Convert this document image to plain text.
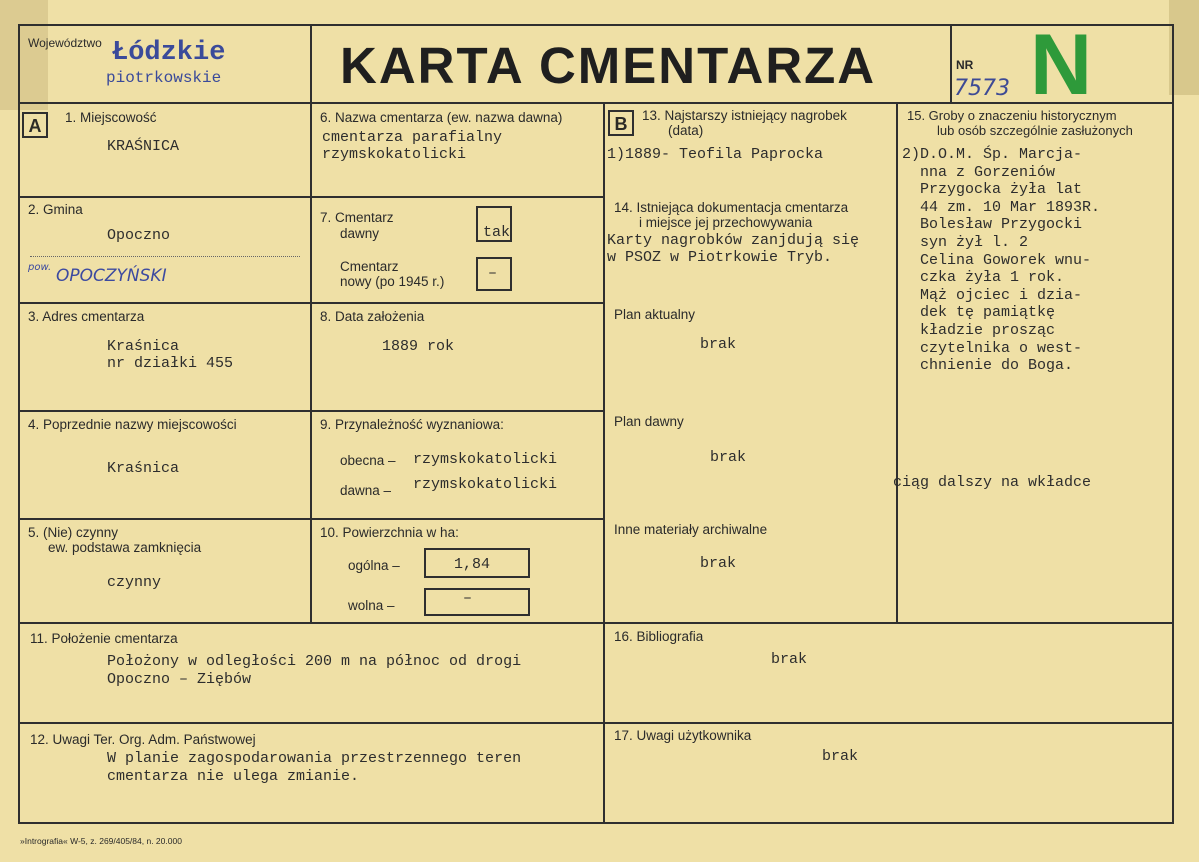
Województwo Łódzkie
piotrkowskie KARTA CMENTARZA	NR
7573 N
A	B
1. Miejscowość
KRAŚNICA
2. Gmina
Opoczno
pow. OPOCZYŃSKI
3. Adres cmentarza
Kraśnica
nr działki 455
4. Poprzednie nazwy miejscowości
Kraśnica
5. (Nie) czynny
ew. podstawa zamknięcia
czynny
6. Nazwa cmentarza (ew. nazwa dawna)
cmentarza parafialny
rzymskokatolicki
7. Cmentarz
dawny	tak
Cmentarz
nowy (po 1945 r.)	–
8. Data założenia
1889 rok
9. Przynależność wyznaniowa:
obecna – rzymskokatolicki
dawna – rzymskokatolicki
10. Powierzchnia w ha:
ogólna –	1,84
wolna –	–
13. Najstarszy istniejący nagrobek
(data)
1)1889- Teofila Paprocka
14. Istniejąca dokumentacja cmentarza
i miejsce jej przechowywania
Karty nagrobków zanjdują się
w PSOZ w Piotrkowie Tryb.
Plan aktualny
brak
Plan dawny
brak
Inne materiały archiwalne
brak
15. Groby o znaczeniu historycznym
lub osób szczególnie zasłużonych
2)D.O.M. Śp. Marcja-
nna z Gorzeniów
Przygocka żyła lat
44 zm. 10 Mar 1893R.
Bolesław Przygocki
syn żył l. 2
Celina Goworek wnu-
czka żyła 1 rok.
Mąż ojciec i dzia-
dek tę pamiątkę
kładzie prosząc
czytelnika o west-
chnienie do Boga.
ciąg dalszy na wkładce
11. Położenie cmentarza
Położony w odległości 200 m na północ od drogi
Opoczno – Ziębów
16. Bibliografia
brak
12. Uwagi Ter. Org. Adm. Państwowej
W planie zagospodarowania przestrzennego teren
cmentarza nie ulega zmianie.
17. Uwagi użytkownika
brak
»Intrografia« W-5, z. 269/405/84, n. 20.000
